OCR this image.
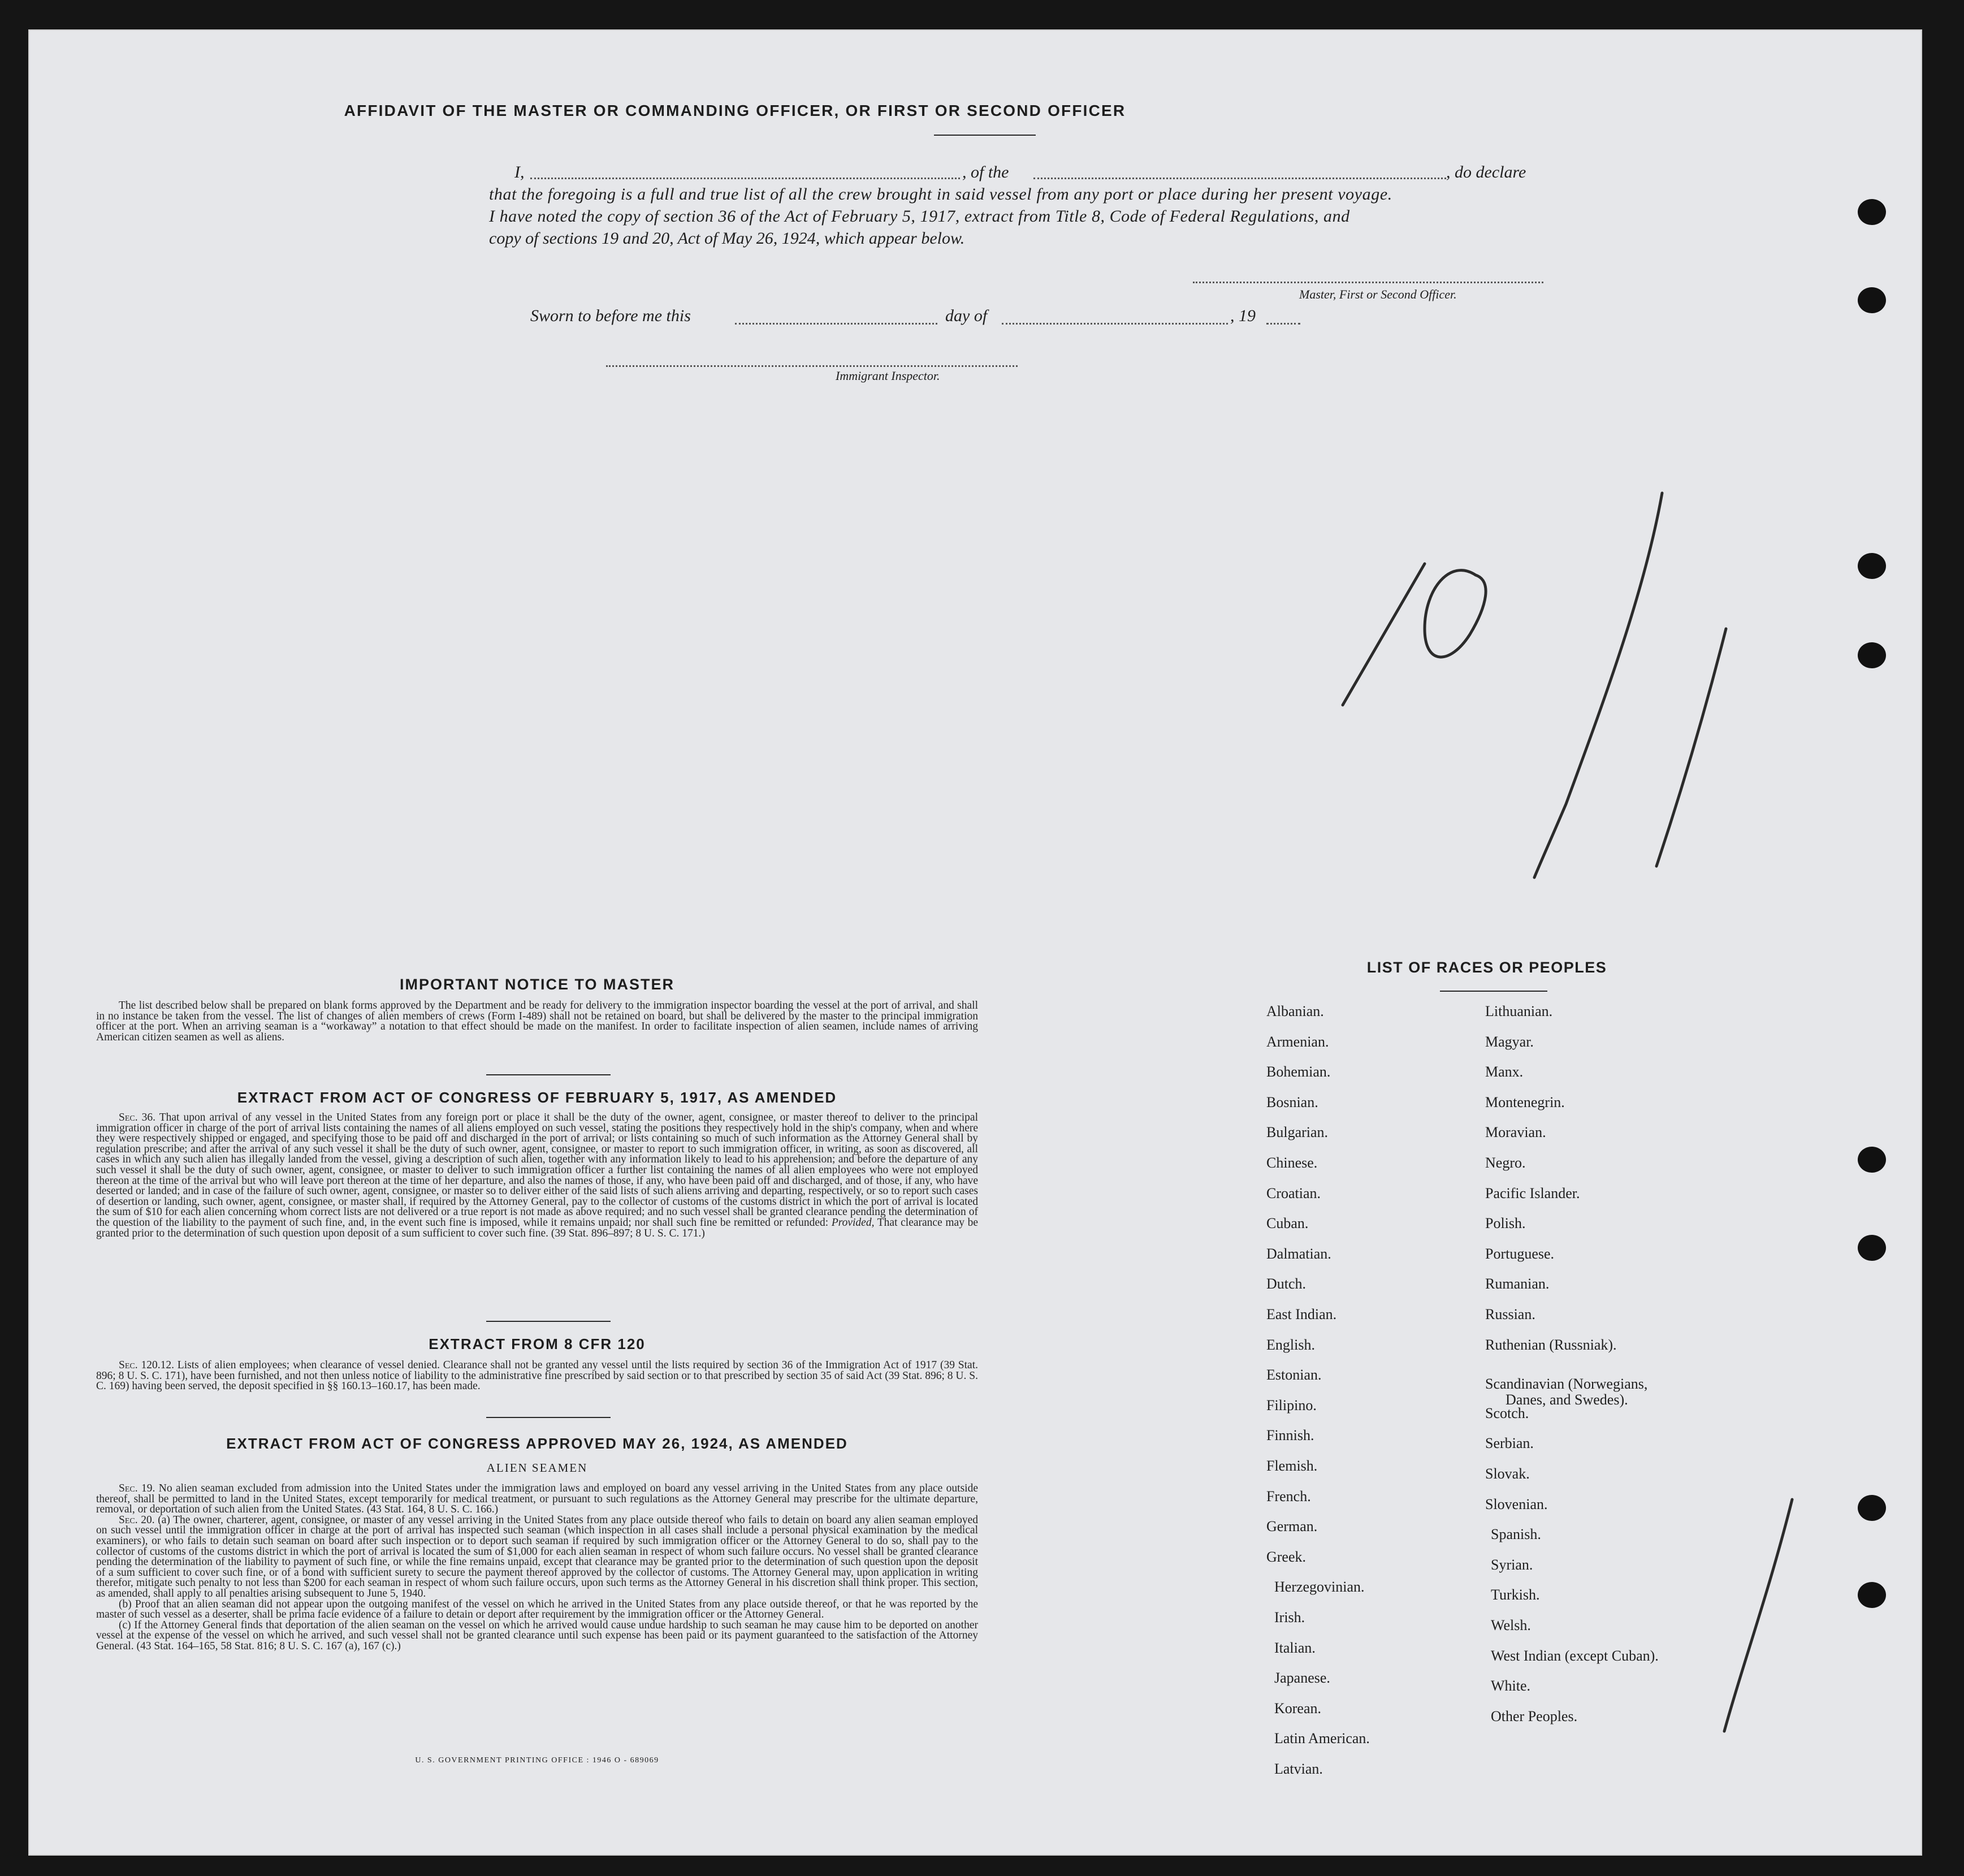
AFFIDAVIT OF THE MASTER OR COMMANDING OFFICER, OR FIRST OR SECOND OFFICER
I,	, of the	, do declare
that the foregoing is a full and true list of all the crew brought in said vessel from any port or place during her present voyage.
I have noted the copy of section 36 of the Act of February 5, 1917, extract from Title 8, Code of Federal Regulations, and
copy of sections 19 and 20, Act of May 26, 1924, which appear below.
Master, First or Second Officer.
Sworn to before me this	day of	, 19
Immigrant Inspector.
IMPORTANT NOTICE TO MASTER

The list described below shall be prepared on blank forms approved by the Department and be ready for delivery to the immigration inspector boarding the vessel at the port of arrival, and shall in no instance be taken from the vessel. The list of changes of alien members of crews (Form I-489) shall not be retained on board, but shall be delivered by the master to the principal immigration officer at the port. When an arriving seaman is a “workaway” a notation to that effect should be made on the manifest. In order to facilitate inspection of alien seamen, include names of arriving American citizen seamen as well as aliens.

EXTRACT FROM ACT OF CONGRESS OF FEBRUARY 5, 1917, AS AMENDED

Sec. 36. That upon arrival of any vessel in the United States from any foreign port or place it shall be the duty of the owner, agent, consignee, or master thereof to deliver to the principal immigration officer in charge of the port of arrival lists containing the names of all aliens employed on such vessel, stating the positions they respectively hold in the ship's company, when and where they were respectively shipped or engaged, and specifying those to be paid off and discharged in the port of arrival; or lists containing so much of such information as the Attorney General shall by regulation prescribe; and after the arrival of any such vessel it shall be the duty of such owner, agent, consignee, or master to report to such immigration officer, in writing, as soon as discovered, all cases in which any such alien has illegally landed from the vessel, giving a description of such alien, together with any information likely to lead to his apprehension; and before the departure of any such vessel it shall be the duty of such owner, agent, consignee, or master to deliver to such immigration officer a further list containing the names of all alien employees who were not employed thereon at the time of the arrival but who will leave port thereon at the time of her departure, and also the names of those, if any, who have been paid off and discharged, and of those, if any, who have deserted or landed; and in case of the failure of such owner, agent, consignee, or master so to deliver either of the said lists of such aliens arriving and departing, respectively, or so to report such cases of desertion or landing, such owner, agent, consignee, or master shall, if required by the Attorney General, pay to the collector of customs of the customs district in which the port of arrival is located the sum of $10 for each alien concerning whom correct lists are not delivered or a true report is not made as above required; and no such vessel shall be granted clearance pending the determination of the question of the liability to the payment of such fine, and, in the event such fine is imposed, while it remains unpaid; nor shall such fine be remitted or refunded: Provided, That clearance may be granted prior to the determination of such question upon deposit of a sum sufficient to cover such fine. (39 Stat. 896–897; 8 U. S. C. 171.)

EXTRACT FROM 8 CFR 120

Sec. 120.12. Lists of alien employees; when clearance of vessel denied. Clearance shall not be granted any vessel until the lists required by section 36 of the Immigration Act of 1917 (39 Stat. 896; 8 U. S. C. 171), have been furnished, and not then unless notice of liability to the administrative fine prescribed by said section or to that prescribed by section 35 of said Act (39 Stat. 896; 8 U. S. C. 169) having been served, the deposit specified in §§ 160.13–160.17, has been made.

EXTRACT FROM ACT OF CONGRESS APPROVED MAY 26, 1924, AS AMENDED
ALIEN SEAMEN

Sec. 19. No alien seaman excluded from admission into the United States under the immigration laws and employed on board any vessel arriving in the United States from any place outside thereof, shall be permitted to land in the United States, except temporarily for medical treatment, or pursuant to such regulations as the Attorney General may prescribe for the ultimate departure, removal, or deportation of such alien from the United States. (43 Stat. 164, 8 U. S. C. 166.)

Sec. 20. (a) The owner, charterer, agent, consignee, or master of any vessel arriving in the United States from any place outside thereof who fails to detain on board any alien seaman employed on such vessel until the immigration officer in charge at the port of arrival has inspected such seaman (which inspection in all cases shall include a personal physical examination by the medical examiners), or who fails to detain such seaman on board after such inspection or to deport such seaman if required by such immigration officer or the Attorney General to do so, shall pay to the collector of customs of the customs district in which the port of arrival is located the sum of $1,000 for each alien seaman in respect of whom such failure occurs. No vessel shall be granted clearance pending the determination of the liability to payment of such fine, or while the fine remains unpaid, except that clearance may be granted prior to the determination of such question upon the deposit of a sum sufficient to cover such fine, or of a bond with sufficient surety to secure the payment thereof approved by the collector of customs. The Attorney General may, upon application in writing therefor, mitigate such penalty to not less than $200 for each seaman in respect of whom such failure occurs, upon such terms as the Attorney General in his discretion shall think proper. This section, as amended, shall apply to all penalties arising subsequent to June 5, 1940.

(b) Proof that an alien seaman did not appear upon the outgoing manifest of the vessel on which he arrived in the United States from any place outside thereof, or that he was reported by the master of such vessel as a deserter, shall be prima facie evidence of a failure to detain or deport after requirement by the immigration officer or the Attorney General.

(c) If the Attorney General finds that deportation of the alien seaman on the vessel on which he arrived would cause undue hardship to such seaman he may cause him to be deported on another vessel at the expense of the vessel on which he arrived, and such vessel shall not be granted clearance until such expense has been paid or its payment guaranteed to the satisfaction of the Attorney General. (43 Stat. 164–165, 58 Stat. 816; 8 U. S. C. 167 (a), 167 (c).)

U. S. GOVERNMENT PRINTING OFFICE : 1946 O - 689069
LIST OF RACES OR PEOPLES
Albanian.
Armenian.
Bohemian.
Bosnian.
Bulgarian.
Chinese.
Croatian.
Cuban.
Dalmatian.
Dutch.
East Indian.
English.
Estonian.
Filipino.
Finnish.
Flemish.
French.
German.
Greek.
Herzegovinian.
Irish.
Italian.
Japanese.
Korean.
Latin American.
Latvian.
Lithuanian.
Magyar.
Manx.
Montenegrin.
Moravian.
Negro.
Pacific Islander.
Polish.
Portuguese.
Rumanian.
Russian.
Ruthenian (Russniak).
Scandinavian (Norwegians,
Danes, and Swedes).
Scotch.
Serbian.
Slovak.
Slovenian.
Spanish.
Syrian.
Turkish.
Welsh.
West Indian (except Cuban).
White.
Other Peoples.
